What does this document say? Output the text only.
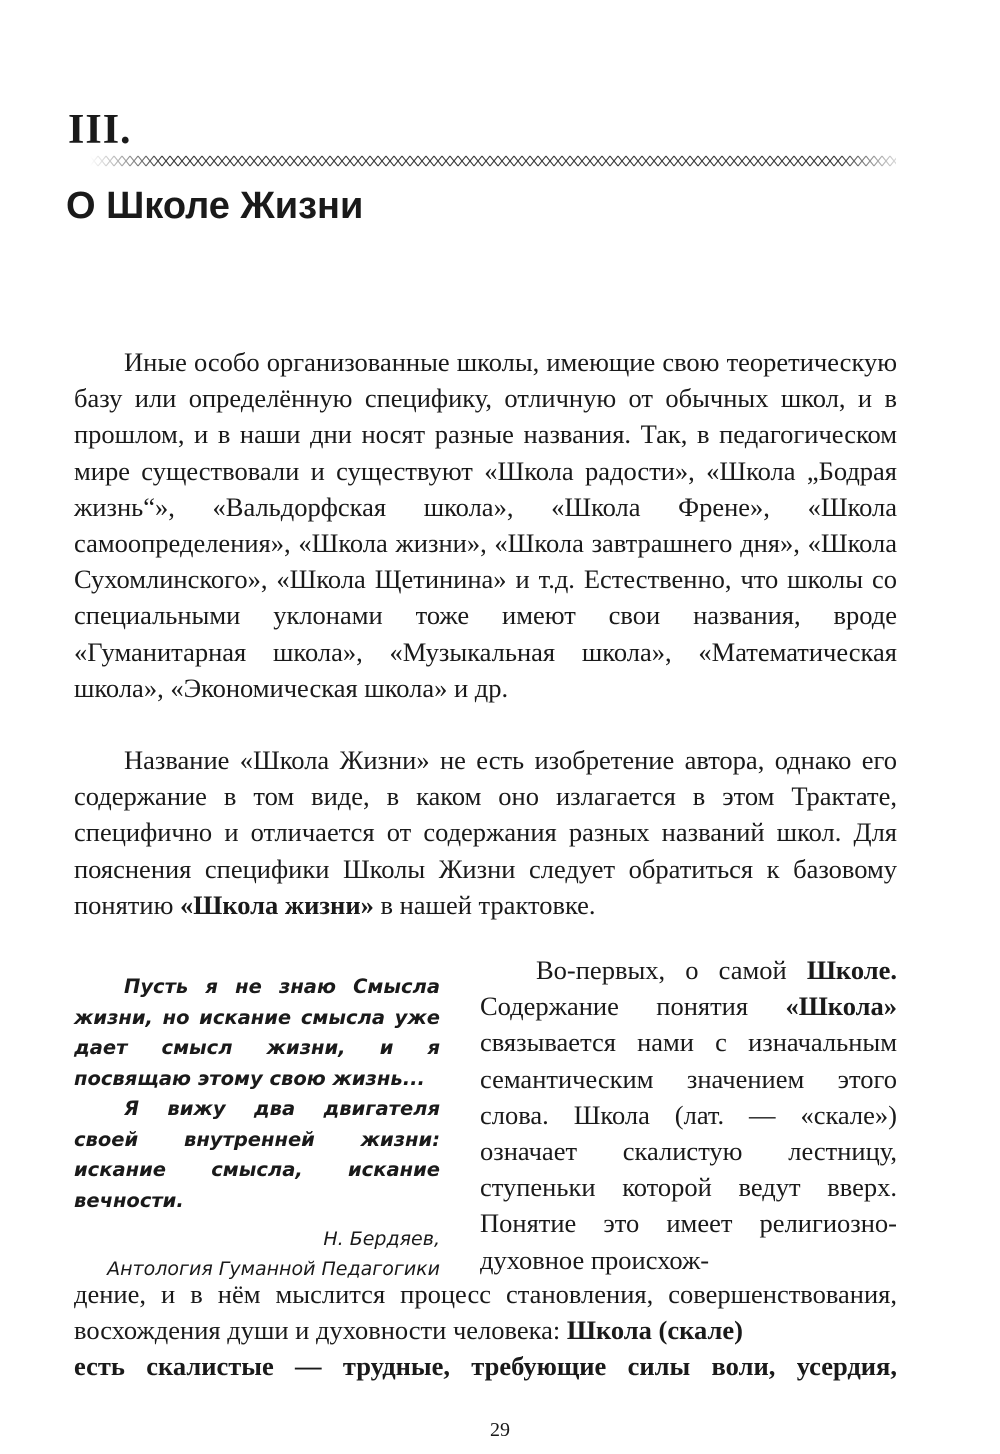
III.
О Школе Жизни

Иные особо организованные школы, имеющие свою теоретическую базу или определённую специфику, отличную от обычных школ, и в прошлом, и в наши дни носят разные названия. Так, в педагогическом мире существовали и существуют «Школа радости», «Школа „Бодрая жизнь“», «Вальдорфская школа», «Школа Френе», «Школа самоопределения», «Школа жизни», «Школа завтрашнего дня», «Школа Сухомлинского», «Школа Щетинина» и т.д. Естественно, что школы со специальными уклонами тоже имеют свои названия, вроде «Гуманитарная школа», «Музыкальная школа», «Математическая школа», «Экономическая школа» и др.

Название «Школа Жизни» не есть изобретение автора, однако его содержание в том виде, в каком оно излагается в этом Трактате, специфично и отличается от содержания разных названий школ. Для пояснения специфики Школы Жизни следует обратиться к базовому понятию «Школа жизни» в нашей трактовке.

Пусть я не знаю Смысла жизни, но искание смысла уже дает смысл жизни, и я посвящаю этому свою жизнь...

Я вижу два двигателя своей внутренней жизни: искание смысла, искание вечности.

Н. Бердяев,
Антология Гуманной Педагогики

Во-первых, о самой Школе. Содержание понятия «Школа» связывается нами с изначальным семантическим значением этого слова. Школа (лат. — «скале») означает скалистую лестницу, ступеньки которой ведут вверх. Понятие это имеет религиозно-духовное происхож-

дение, и в нём мыслится процесс становления, совершенствования, восхождения души и духовности человека: Школа (скале)
есть скалистые — трудные, требующие силы воли, усердия,

29
